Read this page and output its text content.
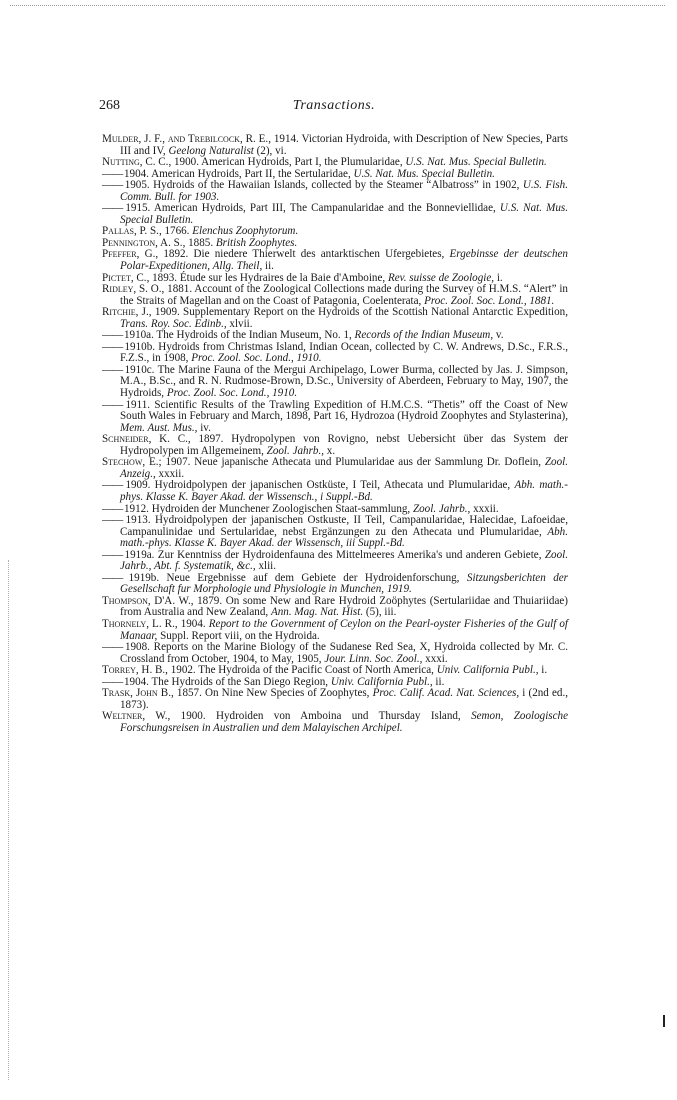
268	Transactions.

Mulder, J. F., and Trebilcock, R. E., 1914. Victorian Hydroida, with Description of New Species, Parts III and IV, Geelong Naturalist (2), vi.

Nutting, C. C., 1900. American Hydroids, Part I, the Plumularidae, U.S. Nat. Mus. Special Bulletin.

—— 1904. American Hydroids, Part II, the Sertularidae, U.S. Nat. Mus. Special Bulletin.

—— 1905. Hydroids of the Hawaiian Islands, collected by the Steamer “Albatross” in 1902, U.S. Fish. Comm. Bull. for 1903.

—— 1915. American Hydroids, Part III, The Campanularidae and the Bonneviellidae, U.S. Nat. Mus. Special Bulletin.

Pallas, P. S., 1766. Elenchus Zoophytorum.

Pennington, A. S., 1885. British Zoophytes.

Pfeffer, G., 1892. Die niedere Thierwelt des antarktischen Ufergebietes, Ergebinsse der deutschen Polar-Expeditionen, Allg. Theil, ii.

Pictet, C., 1893. Étude sur les Hydraires de la Baie d'Amboine, Rev. suisse de Zoologie, i.

Ridley, S. O., 1881. Account of the Zoological Collections made during the Survey of H.M.S. “Alert” in the Straits of Magellan and on the Coast of Patagonia, Coelenterata, Proc. Zool. Soc. Lond., 1881.

Ritchie, J., 1909. Supplementary Report on the Hydroids of the Scottish National Antarctic Expedition, Trans. Roy. Soc. Edinb., xlvii.

—— 1910a. The Hydroids of the Indian Museum, No. 1, Records of the Indian Museum, v.

—— 1910b. Hydroids from Christmas Island, Indian Ocean, collected by C. W. Andrews, D.Sc., F.R.S., F.Z.S., in 1908, Proc. Zool. Soc. Lond., 1910.

—— 1910c. The Marine Fauna of the Mergui Archipelago, Lower Burma, collected by Jas. J. Simpson, M.A., B.Sc., and R. N. Rudmose-Brown, D.Sc., University of Aberdeen, February to May, 1907, the Hydroids, Proc. Zool. Soc. Lond., 1910.

—— 1911. Scientific Results of the Trawling Expedition of H.M.C.S. “Thetis” off the Coast of New South Wales in February and March, 1898, Part 16, Hydrozoa (Hydroid Zoophytes and Stylasterina), Mem. Aust. Mus., iv.

Schneider, K. C., 1897. Hydropolypen von Rovigno, nebst Uebersicht über das System der Hydropolypen im Allgemeinem, Zool. Jahrb., x.

Stechow, E.; 1907. Neue japanische Athecata und Plumularidae aus der Sammlung Dr. Doflein, Zool. Anzeig., xxxii.

—— 1909. Hydroidpolypen der japanischen Ostküste, I Teil, Athecata und Plumularidae, Abh. math.-phys. Klasse K. Bayer Akad. der Wissensch., i Suppl.-Bd.

—— 1912. Hydroiden der Munchener Zoologischen Staat-sammlung, Zool. Jahrb., xxxii.

—— 1913. Hydroidpolypen der japanischen Ostkuste, II Teil, Campanularidae, Halecidae, Lafoeidae, Campanulinidae und Sertularidae, nebst Ergänzungen zu den Athecata und Plumularidae, Abh. math.-phys. Klasse K. Bayer Akad. der Wissensch, iii Suppl.-Bd.

—— 1919a. Zur Kenntniss der Hydroidenfauna des Mittelmeeres Amerika's und anderen Gebiete, Zool. Jahrb., Abt. f. Systematik, &c., xlii.

—— 1919b. Neue Ergebnisse auf dem Gebiete der Hydroidenforschung, Sitzungsberichten der Gesellschaft fur Morphologie und Physiologie in Munchen, 1919.

Thompson, D'A. W., 1879. On some New and Rare Hydroid Zoöphytes (Sertulariidae and Thuiariidae) from Australia and New Zealand, Ann. Mag. Nat. Hist. (5), iii.

Thornely, L. R., 1904. Report to the Government of Ceylon on the Pearl-oyster Fisheries of the Gulf of Manaar, Suppl. Report viii, on the Hydroida.

—— 1908. Reports on the Marine Biology of the Sudanese Red Sea, X, Hydroida collected by Mr. C. Crossland from October, 1904, to May, 1905, Jour. Linn. Soc. Zool., xxxi.

Torrey, H. B., 1902. The Hydroida of the Pacific Coast of North America, Univ. California Publ., i.

—— 1904. The Hydroids of the San Diego Region, Univ. California Publ., ii.

Trask, John B., 1857. On Nine New Species of Zoophytes, Proc. Calif. Acad. Nat. Sciences, i (2nd ed., 1873).

Weltner, W., 1900. Hydroiden von Amboina und Thursday Island, Semon, Zoologische Forschungsreisen in Australien und dem Malayischen Archipel.
